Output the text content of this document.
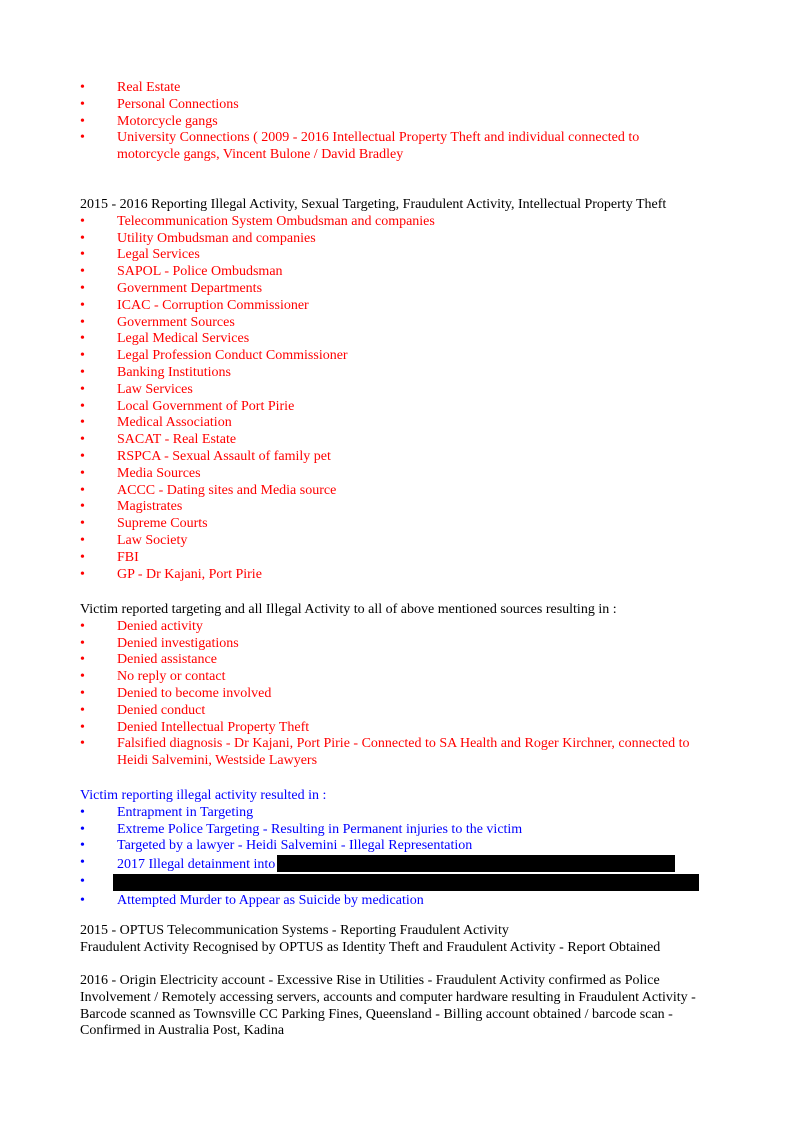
•	Real Estate
•	Personal Connections
•	Motorcycle gangs
•	University Connections ( 2009 - 2016 Intellectual Property Theft and individual connected to motorcycle gangs, Vincent Bulone / David Bradley

2015 - 2016 Reporting Illegal Activity, Sexual Targeting, Fraudulent Activity, Intellectual Property Theft

•	Telecommunication System Ombudsman and companies
•	Utility Ombudsman and companies
•	Legal Services
•	SAPOL - Police Ombudsman
•	Government Departments
•	ICAC - Corruption Commissioner
•	Government Sources
•	Legal Medical Services
•	Legal Profession Conduct Commissioner
•	Banking Institutions
•	Law Services
•	Local Government of Port Pirie
•	Medical Association
•	SACAT - Real Estate
•	RSPCA - Sexual Assault of family pet
•	Media Sources
•	ACCC - Dating sites and Media source
•	Magistrates
•	Supreme Courts
•	Law Society
•	FBI
•	GP - Dr Kajani, Port Pirie

Victim reported targeting and all Illegal Activity to all of above mentioned sources resulting in :

•	Denied activity
•	Denied investigations
•	Denied assistance
•	No reply or contact
•	Denied to become involved
•	Denied conduct
•	Denied Intellectual Property Theft
•	Falsified diagnosis - Dr Kajani, Port Pirie - Connected to SA Health and Roger Kirchner, connected to Heidi Salvemini, Westside Lawyers

Victim reporting illegal activity resulted in :

•	Entrapment in Targeting
•	Extreme Police Targeting - Resulting in Permanent injuries to the victim
•	Targeted by a lawyer - Heidi Salvemini - Illegal Representation
•	2017 Illegal detainment into
•
•	Attempted Murder to Appear as Suicide by medication

2015 - OPTUS Telecommunication Systems - Reporting Fraudulent Activity

Fraudulent Activity Recognised by OPTUS as Identity Theft and Fraudulent Activity - Report Obtained

2016 - Origin Electricity account - Excessive Rise in Utilities - Fraudulent Activity confirmed as Police Involvement / Remotely accessing servers, accounts and computer hardware resulting in Fraudulent Activity - Barcode scanned as Townsville CC Parking Fines, Queensland - Billing account obtained / barcode scan - Confirmed in Australia Post, Kadina
